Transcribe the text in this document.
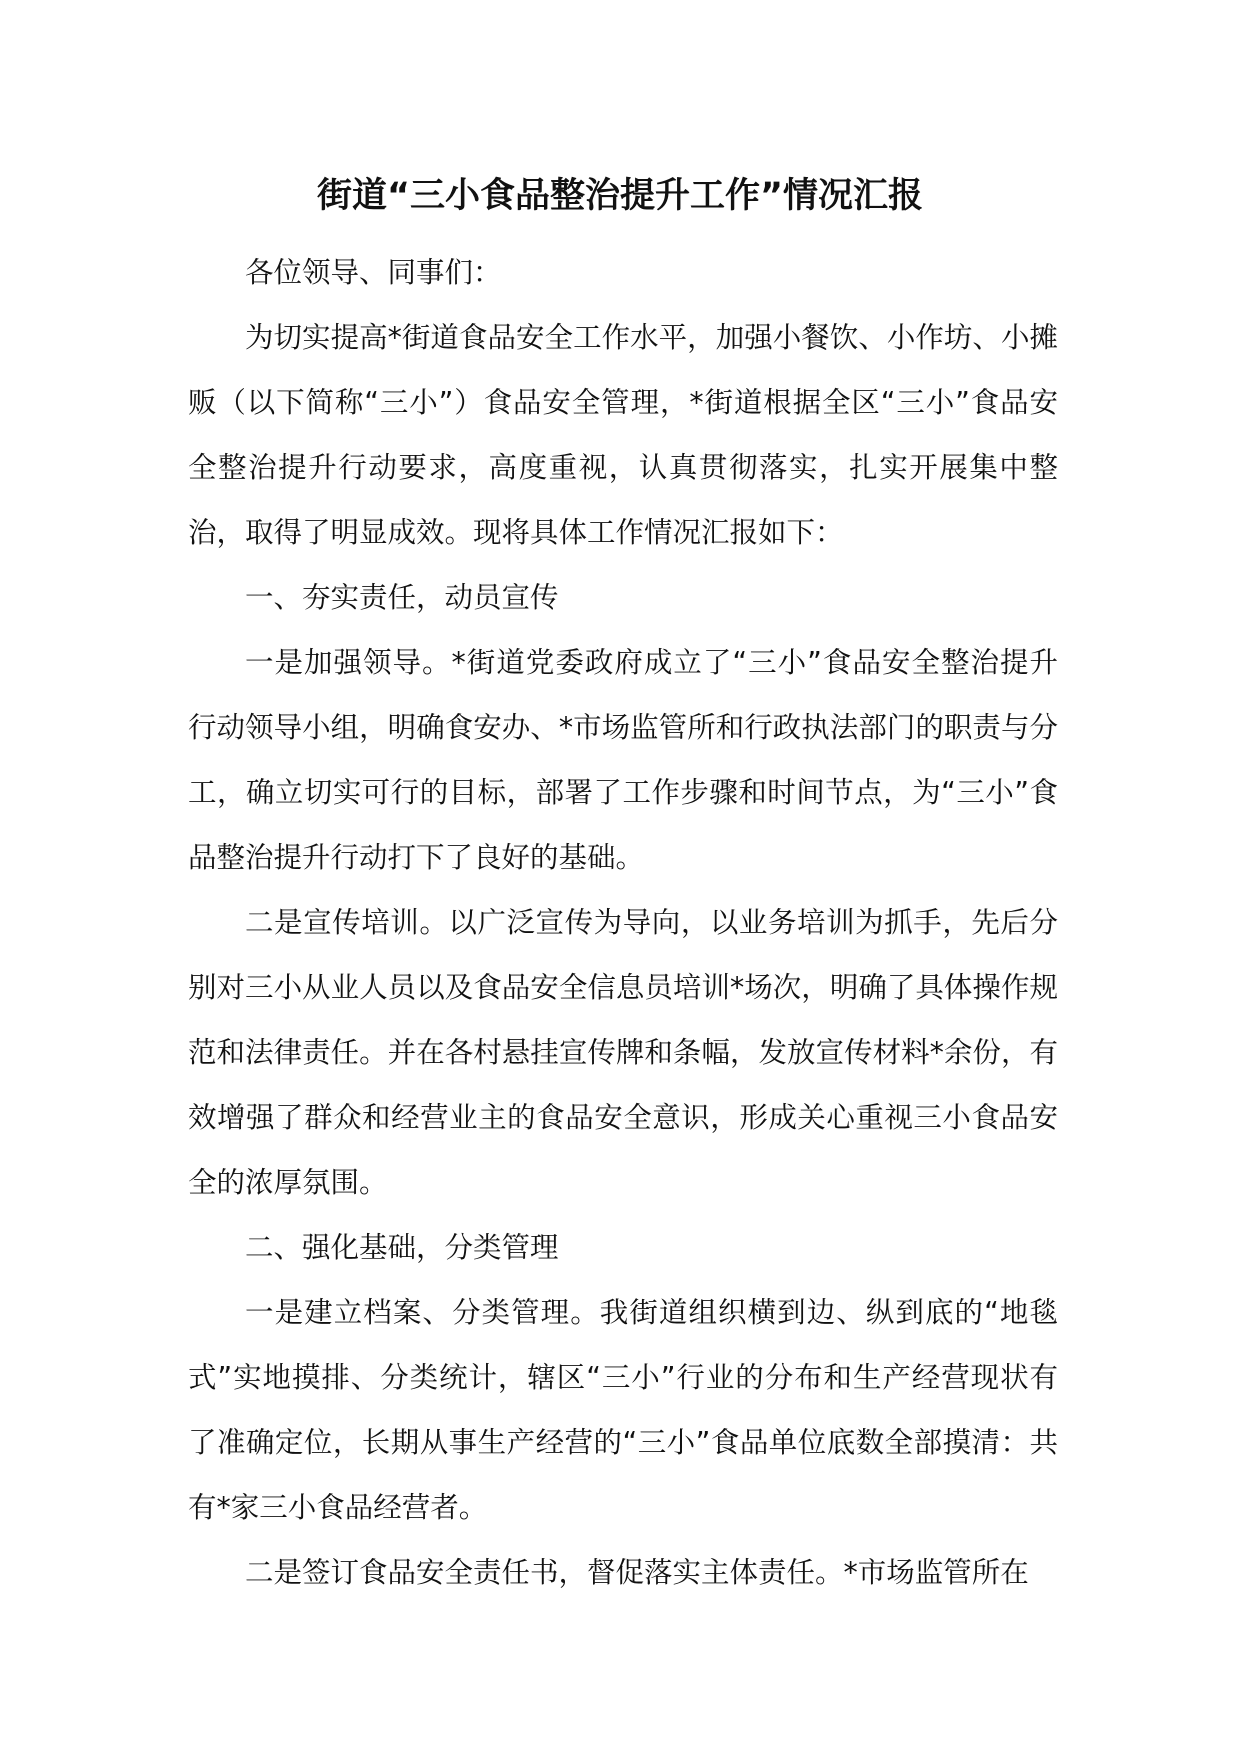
街道“三小食品整治提升工作”情况汇报

各位领导、同事们：

为切实提高*街道食品安全工作水平，加强小餐饮、小作坊、小摊贩（以下简称“三小”）食品安全管理，*街道根据全区“三小”食品安全整治提升行动要求，高度重视，认真贯彻落实，扎实开展集中整治，取得了明显成效。现将具体工作情况汇报如下：

一、夯实责任，动员宣传

一是加强领导。*街道党委政府成立了“三小”食品安全整治提升行动领导小组，明确食安办、*市场监管所和行政执法部门的职责与分工，确立切实可行的目标，部署了工作步骤和时间节点，为“三小”食品整治提升行动打下了良好的基础。

二是宣传培训。以广泛宣传为导向，以业务培训为抓手，先后分别对三小从业人员以及食品安全信息员培训*场次，明确了具体操作规范和法律责任。并在各村悬挂宣传牌和条幅，发放宣传材料*余份，有效增强了群众和经营业主的食品安全意识，形成关心重视三小食品安全的浓厚氛围。

二、强化基础，分类管理

一是建立档案、分类管理。我街道组织横到边、纵到底的“地毯式”实地摸排、分类统计，辖区“三小”行业的分布和生产经营现状有了准确定位，长期从事生产经营的“三小”食品单位底数全部摸清：共有*家三小食品经营者。

二是签订食品安全责任书，督促落实主体责任。*市场监管所在
